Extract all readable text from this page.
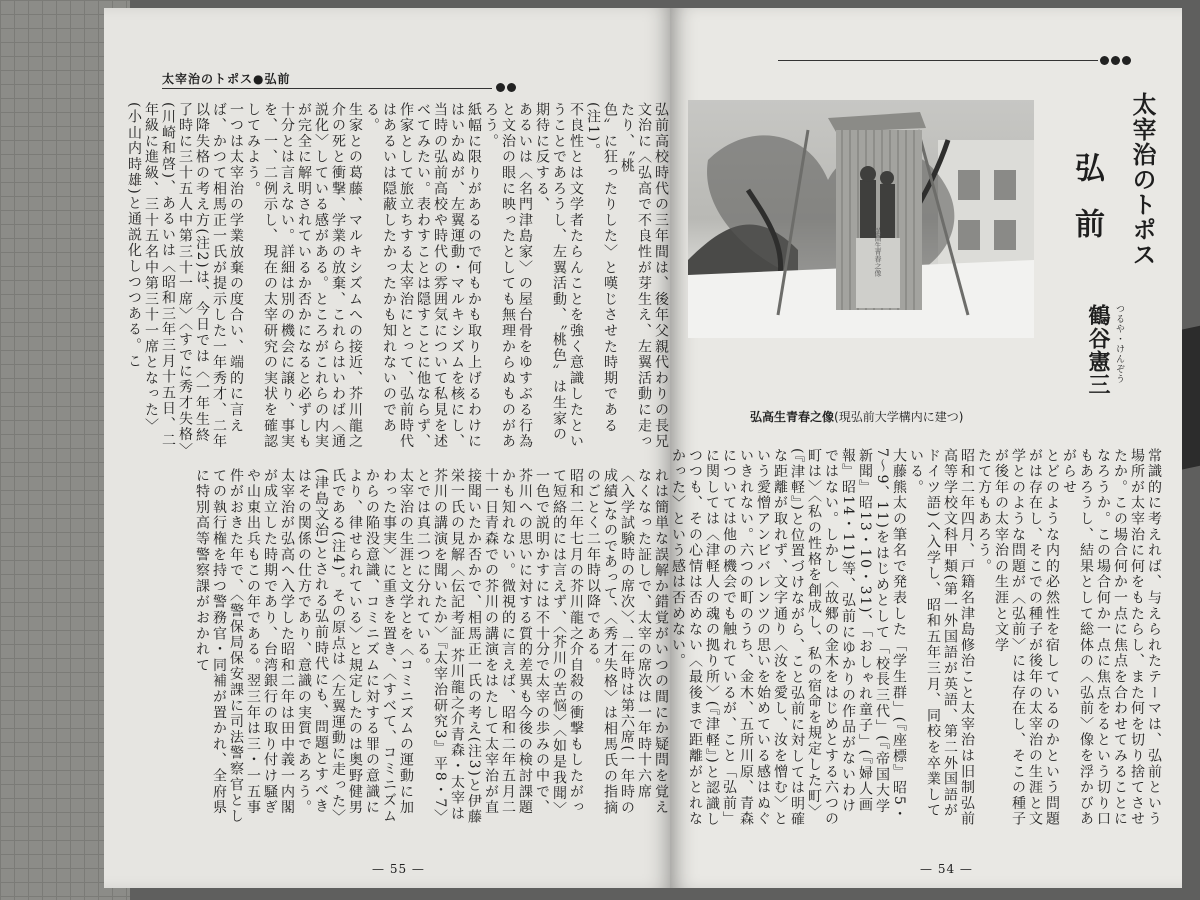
太宰治のトポス●弘前

弘前高校時代の三年間は、後年父親代わりの長兄文治に〈弘高で不良性が芽生え、左翼活動に走ったり、〝桃

色〟に狂ったりした〉と嘆じさせた時期である(注1)。

不良性とは文学者たらんことを強く意識したということであろうし、左翼活動、〝桃色〟は生家の期待に反する、

あるいは〈名門津島家〉の屋台骨をゆすぶる行為と文治の眼に映ったとしても無理からぬものがあろう。

紙幅に限りがあるので何もかも取り上げるわけにはいかぬが、左翼運動・マルキシズムを核にし、当時の弘前高校や時代の雰囲気について私見を述べてみたい。表わすことは隠すことに他ならず、作家として旅立ちする太宰治にとって、弘前時代はあるいは隠蔽したかったかも知れないのである。

生家との葛藤、マルキシズムへの接近、芥川龍之介の死と衝撃、学業の放棄、これらはいわば〈通説化〉している感がある。ところがこれらの内実が完全に解明されているか否かになると必ずしも十分とは言えない。詳細は別の機会に譲り、事実を、一、二例示し、現在の太宰研究の実状を確認してみよう。

一つは太宰治の学業放棄の度合い、端的に言えば、かつて相馬正一氏が提示した一年秀才、二年以降失格の考え方(注2)は、今日では〈一年生終了時に三十五人中第三十一席〉〈すでに秀才失格〉(川崎和啓)、あるいは〈昭和三年三月十五日、二年級に進級、三十五名中第三十一席となった〉(小山内時雄)と通説化しつつある。こ

れは簡単な誤解か錯覚がいつの間にか疑問を覚えなくなった証しで、太宰の席次は一年時十六席〈入学試験時の席次〉、二年時は第六席(一年時の成績)なのであって、〈秀才失格〉は相馬氏の指摘のごとく二年時以降である。

昭和二年七月の芥川龍之介自殺の衝撃もしたがって短絡的には言えず、〈芥川の苦悩〉〈如是我聞〉一色で説明かすには不十分で太宰の歩みの中で、芥川への思いに対する質的差異も今後の検討課題かも知れない。微視的に言えば、昭和二年五月二十一日青森での芥川の講演をはたして太宰治が直接聞いたか否かで、相馬正一氏の考え(注3)と伊藤栄一氏の見解〈伝記考証 芥川龍之介青森・太宰は芥川の講演を聞いたか〉『太宰治研究3』平8・7〉とでは真二つに分れている。

太宰治の生涯と文学とを〈コミニズムの運動に加わった事実〉に重きを置き、〈すべて、コミニズムからの陥没意識、コミニズムに対する罪の意識により、律せられている〉と規定したのは奥野健男氏である(注4)。その原点は〈左翼運動に走った〉(津島文治)とされる弘前時代にも、問題とすべきはその関係の仕方であり、意識の実質であろう。

太宰治が弘高へ入学した昭和二年は田中義一内閣が成立した時期であり、台湾銀行の取り付け騒ぎや山東出兵もこの年である。翌三年は三・一五事件がおきた年で、〈警保局保安課に司法警察官としての執行権を持つ警務官・同補が置かれ、全府県に特別高等警察課がおかれて

— 55 —
弘高生青春之像
弘高生青春之像(現弘前大学構内に建つ)
太宰治のトポス
弘前
鶴谷憲三 つるや・けんぞう

常識的に考えれば、与えられたテーマは、弘前という場所が太宰治に何をもたらし、また何を切り捨てさせたか。この場合何か一点に焦点を合わせてみることになろうか。この場合何か一点に焦点をるという切り口もあろうし、結果として総体の〈弘前〉像を浮かびあがらせ

とどのような内的必然性を宿しているのかという問題がは存在し、そこでの種子が後年の太宰治の生涯と文学とのような問題が〈弘前〉には存在し、そこの種子が後年の太宰治の生涯と文学

たて方もあろう。

昭和二年四月、戸籍名津島修治こと太宰治は旧制弘前高等学校文科甲類(第一外国語が英語、第二外国語がドイツ語)へ入学し、昭和五年三月、同校を卒業している。

大藤熊太の筆名で発表した「学生群」(『座標』昭5・7〜9、11)をはじめとして「校長三代」(『帝国大学新聞』昭13・10・31)、「おしゃれ童子」(『婦人画報』昭14・11)等、弘前にゆかりの作品がないわけではない。しかし〈故郷の金木をはじめとする六つの町は〉〈私の性格を創成し、私の宿命を規定した町〉(『津軽』)と位置づけながら、こと弘前に対しては明確な距離が取れず、文字通り〈汝を愛し、汝を憎む〉という愛憎アンビバレンツの思いを始めている感はぬぐいきれない。六つの町のうち、金木、五所川原、青森については他の機会でも触れているが、こと「弘前」に関しては〈津軽人の魂の拠り所〉(『津軽』)と認識しつつも、その心情は否めない〈最後まで距離がとれなかった〉という感は否めない。

— 54 —
